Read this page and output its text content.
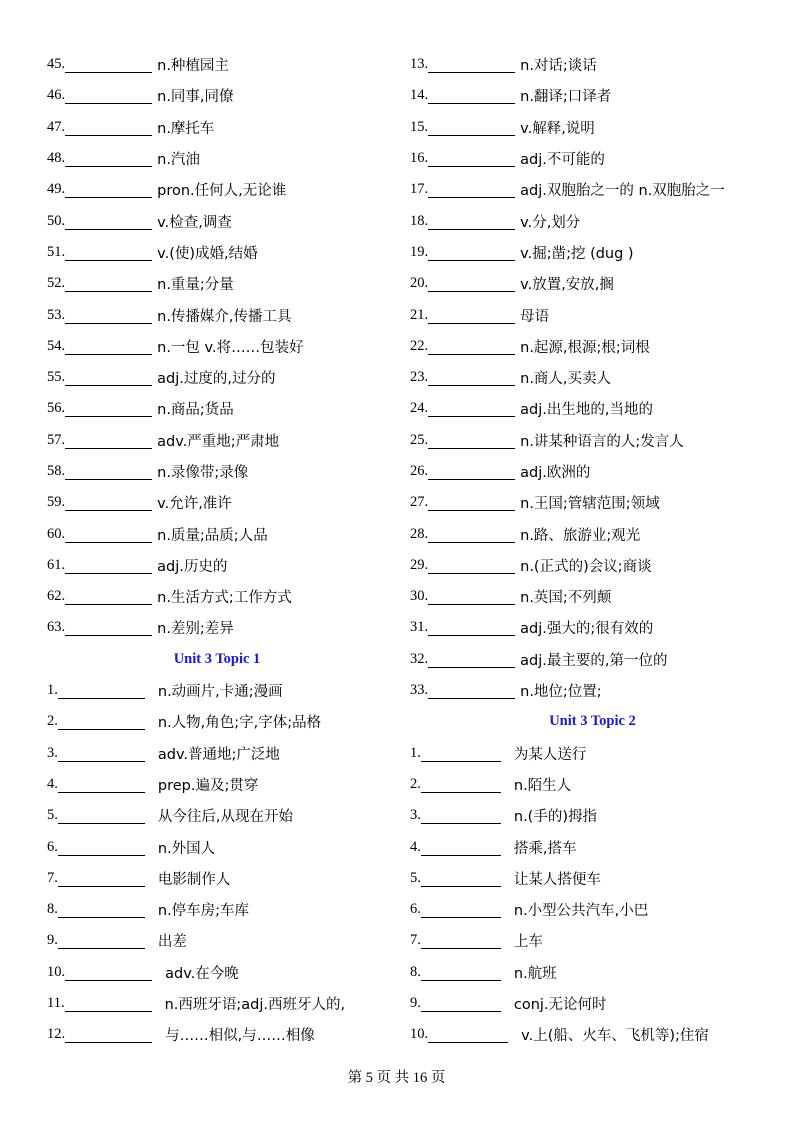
45.	n.种植园主
46.	n.同事,同僚
47.	n.摩托车
48.	n.汽油
49.	pron.任何人,无论谁
50.	v.检查,调查
51.	v.(使)成婚,结婚
52.	n.重量;分量
53.	n.传播媒介,传播工具
54.	n.一包 v.将……包装好
55.	adj.过度的,过分的
56.	n.商品;货品
57.	adv.严重地;严肃地
58.	n.录像带;录像
59.	v.允许,准许
60.	n.质量;品质;人品
61.	adj.历史的
62.	n.生活方式;工作方式
63.	n.差别;差异
Unit 3 Topic 1
1.	n.动画片,卡通;漫画
2.	n.人物,角色;字,字体;品格
3.	adv.普通地;广泛地
4.	prep.遍及;贯穿
5.	从今往后,从现在开始
6.	n.外国人
7.	电影制作人
8.	n.停车房;车库
9.	出差
10.	adv.在今晚
11.	n.西班牙语;adj.西班牙人的,
12.	与……相似,与……相像
13.	n.对话;谈话
14.	n.翻译;口译者
15.	v.解释,说明
16.	adj.不可能的
17.	adj.双胞胎之一的 n.双胞胎之一
18.	v.分,划分
19.	v.掘;凿;挖 (dug )
20.	v.放置,安放,搁
21.	母语
22.	n.起源,根源;根;词根
23.	n.商人,买卖人
24.	adj.出生地的,当地的
25.	n.讲某种语言的人;发言人
26.	adj.欧洲的
27.	n.王国;管辖范围;领域
28.	n.路、旅游业;观光
29.	n.(正式的)会议;商谈
30.	n.英国;不列颠
31.	adj.强大的;很有效的
32.	adj.最主要的,第一位的
33.	n.地位;位置;
Unit 3 Topic 2
1.	为某人送行
2.	n.陌生人
3.	n.(手的)拇指
4.	搭乘,搭车
5.	让某人搭便车
6.	n.小型公共汽车,小巴
7.	上车
8.	n.航班
9.	conj.无论何时
10.	v.上(船、火车、飞机等);住宿
第 5 页 共 16 页
